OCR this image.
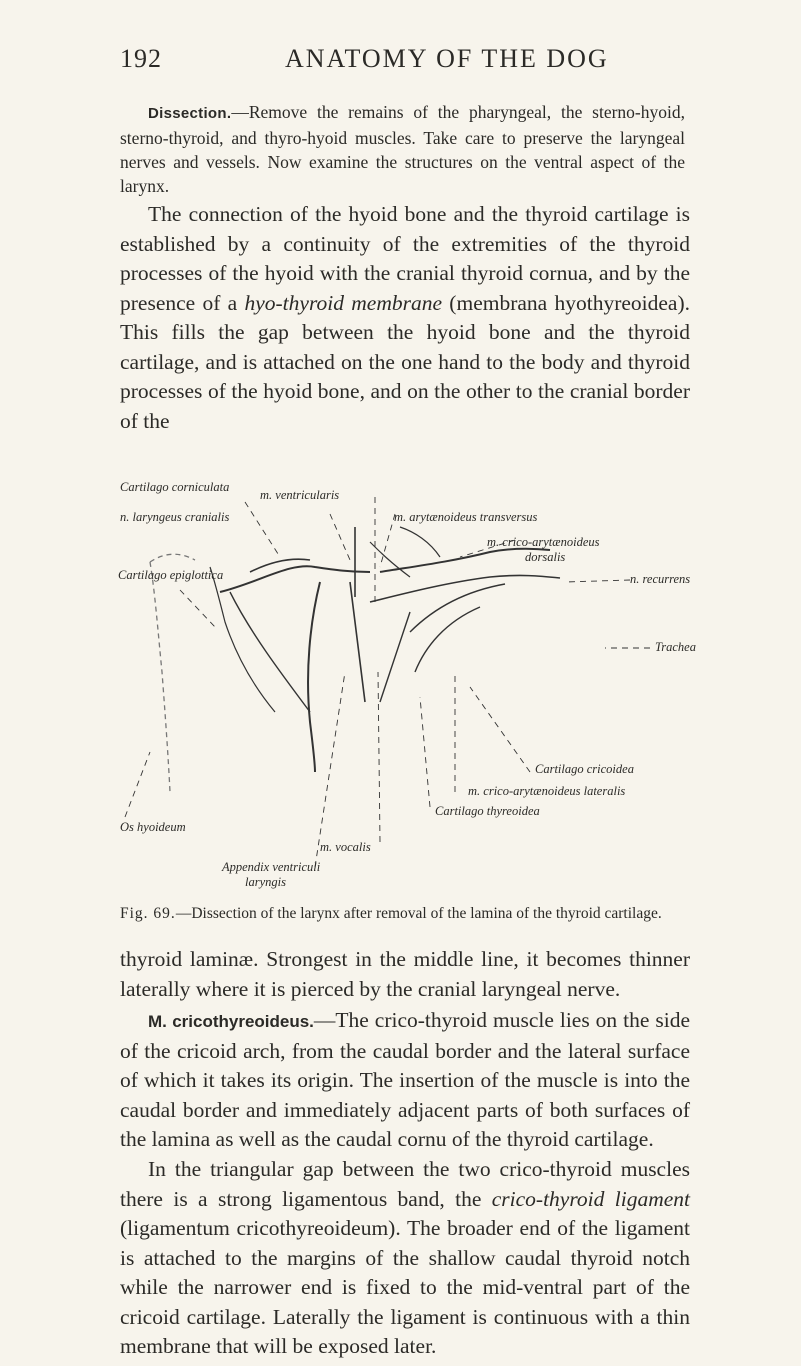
192	ANATOMY OF THE DOG

Dissection.—Remove the remains of the pharyngeal, the sterno-hyoid, sterno-thyroid, and thyro-hyoid muscles. Take care to preserve the laryngeal nerves and vessels. Now examine the structures on the ventral aspect of the larynx.

The connection of the hyoid bone and the thyroid cartilage is established by a continuity of the extremities of the thyroid processes of the hyoid with the cranial thyroid cornua, and by the presence of a hyo-thyroid membrane (membrana hyothyreoidea). This fills the gap between the hyoid bone and the thyroid cartilage, and is attached on the one hand to the body and thyroid processes of the hyoid bone, and on the other to the cranial border of the

Cartilago corniculata
m. ventricularis
n. laryngeus cranialis	m. arytænoideus transversus
m. crico-arytænoideus
dorsalis
Cartilago epiglottica	n. recurrens
Trachea
Cartilago cricoidea
m. crico-arytænoideus lateralis
Cartilago thyreoidea
Os hyoideum
m. vocalis
Appendix ventriculi
laryngis
Fig. 69.—Dissection of the larynx after removal of the lamina of the thyroid cartilage.

thyroid laminæ. Strongest in the middle line, it becomes thinner laterally where it is pierced by the cranial laryngeal nerve.

M. cricothyreoideus.—The crico-thyroid muscle lies on the side of the cricoid arch, from the caudal border and the lateral surface of which it takes its origin. The insertion of the muscle is into the caudal border and immediately adjacent parts of both surfaces of the lamina as well as the caudal cornu of the thyroid cartilage.

In the triangular gap between the two crico-thyroid muscles there is a strong ligamentous band, the crico-thyroid ligament (ligamentum cricothyreoideum). The broader end of the ligament is attached to the margins of the shallow caudal thyroid notch while the narrower end is fixed to the mid-ventral part of the cricoid cartilage. Laterally the ligament is continuous with a thin membrane that will be exposed later.
